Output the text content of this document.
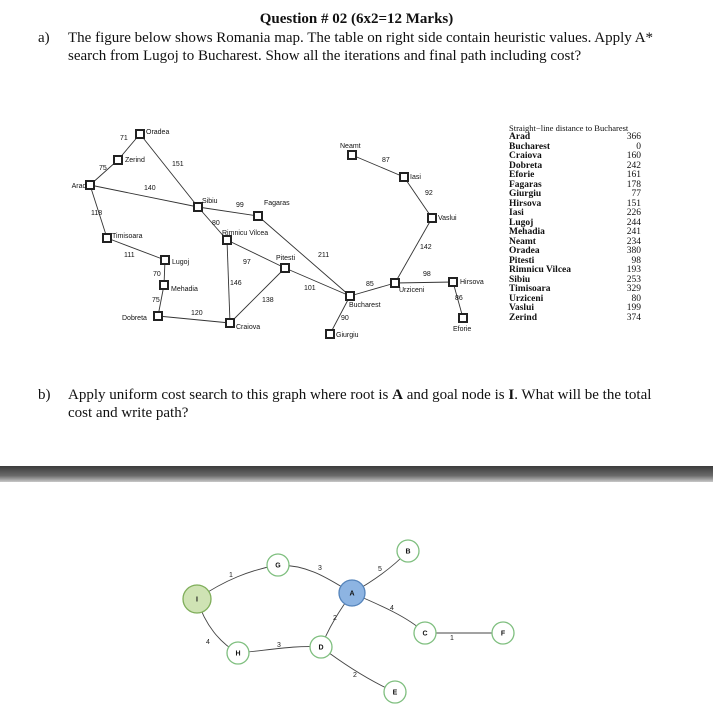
Question # 02 (6x2=12 Marks)
a) The figure below shows Romania map. The table on right side contain heuristic values. Apply A* search from Lugoj to Bucharest. Show all the iterations and final path including cost?
Oradea
Zerind
Arad
Sibiu	Fagaras
Timisoara	Rimnicu Vilcea
Lugoj
Pitesti
Mehadia
Dobreta
Craiova
Bucharest
Giurgiu
Urziceni
Hirsova
Eforie
Vaslui
Iasi
Neamt
71
75
151
140
118
99
80
211
97
111
70
75
120
146
138
101
85
90
142
98
86
92
87
Straight−line distance to Bucharest
Arad	366
Bucharest	0
Craiova	160
Dobreta	242
Eforie	161
Fagaras	178
Giurgiu	77
Hirsova	151
Iasi	226
Lugoj	244
Mehadia	241
Neamt	234
Oradea	380
Pitesti	98
Rimnicu Vilcea	193
Sibiu	253
Timisoara	329
Urziceni	80
Vaslui	199
Zerind	374
b) Apply uniform cost search to this graph where root is A and goal node is I. What will be the total cost and write path?
1
3
4	3
1
5
4
2
2
I
G
H
D
A
B
C
E
F
